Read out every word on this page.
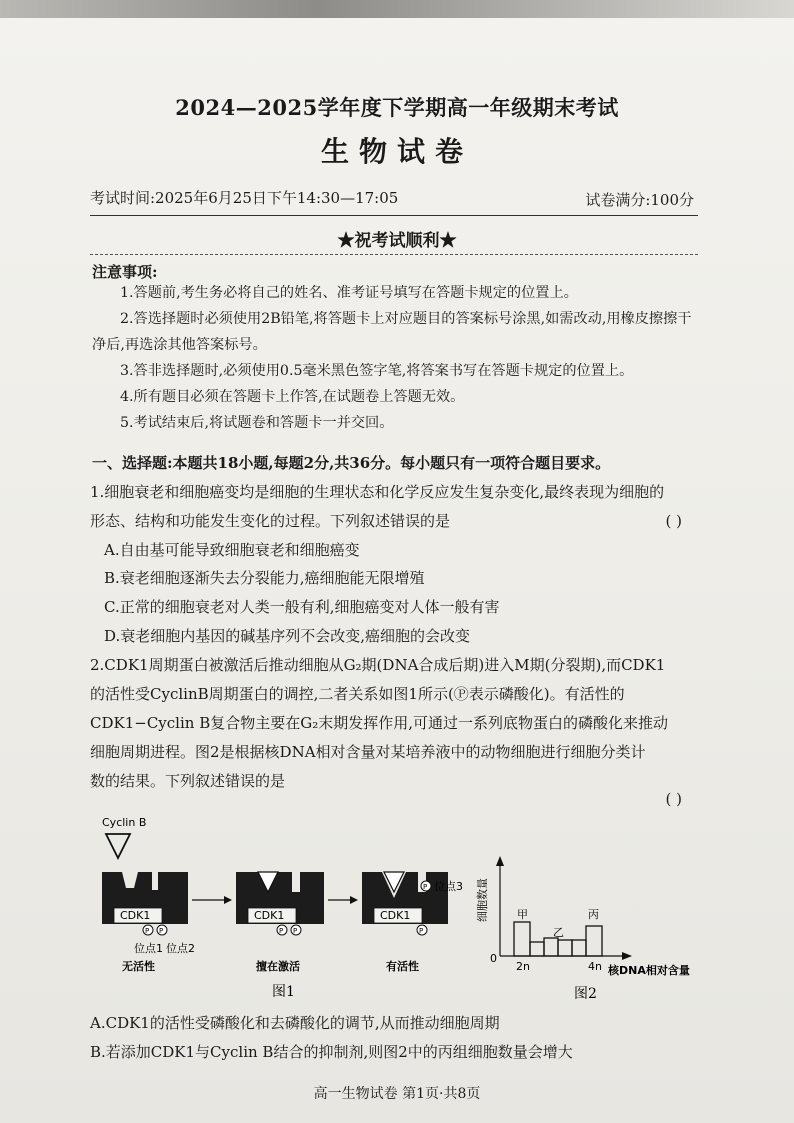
2024—2025学年度下学期高一年级期末考试
生物试卷
考试时间:2025年6月25日下午14:30—17:05	试卷满分:100分
★祝考试顺利★
注意事项:

1.答题前,考生务必将自己的姓名、准考证号填写在答题卡规定的位置上。

2.答选择题时必须使用2B铅笔,将答题卡上对应题目的答案标号涂黑,如需改动,用橡皮擦擦干净后,再选涂其他答案标号。

3.答非选择题时,必须使用0.5毫米黑色签字笔,将答案书写在答题卡规定的位置上。

4.所有题目必须在答题卡上作答,在试题卷上答题无效。

5.考试结束后,将试题卷和答题卡一并交回。

一、选择题:本题共18小题,每题2分,共36分。每小题只有一项符合题目要求。
1.细胞衰老和细胞癌变均是细胞的生理状态和化学反应发生复杂变化,最终表现为细胞的
形态、结构和功能发生变化的过程。下列叙述错误的是	( )
A.自由基可能导致细胞衰老和细胞癌变
B.衰老细胞逐渐失去分裂能力,癌细胞能无限增殖
C.正常的细胞衰老对人类一般有利,细胞癌变对人体一般有害
D.衰老细胞内基因的碱基序列不会改变,癌细胞的会改变
2.CDK1周期蛋白被激活后推动细胞从G₂期(DNA合成后期)进入M期(分裂期),而CDK1
的活性受CyclinB周期蛋白的调控,二者关系如图1所示(Ⓟ表示磷酸化)。有活性的
CDK1−Cyclin B复合物主要在G₂末期发挥作用,可通过一系列底物蛋白的磷酸化来推动
细胞周期进程。图2是根据核DNA相对含量对某培养液中的动物细胞进行细胞分类计
数的结果。下列叙述错误的是
( )
Cyclin B
CDK1
P P
位点1 位点2
无活性
CDK1
P P
擅在激活
CDK1
P
P 位点3
有活性
图1
细胞数量
0
甲
乙
丙
2n	4n 核DNA相对含量
图2
A.CDK1的活性受磷酸化和去磷酸化的调节,从而推动细胞周期
B.若添加CDK1与Cyclin B结合的抑制剂,则图2中的丙组细胞数量会增大
高一生物试卷 第1页·共8页
